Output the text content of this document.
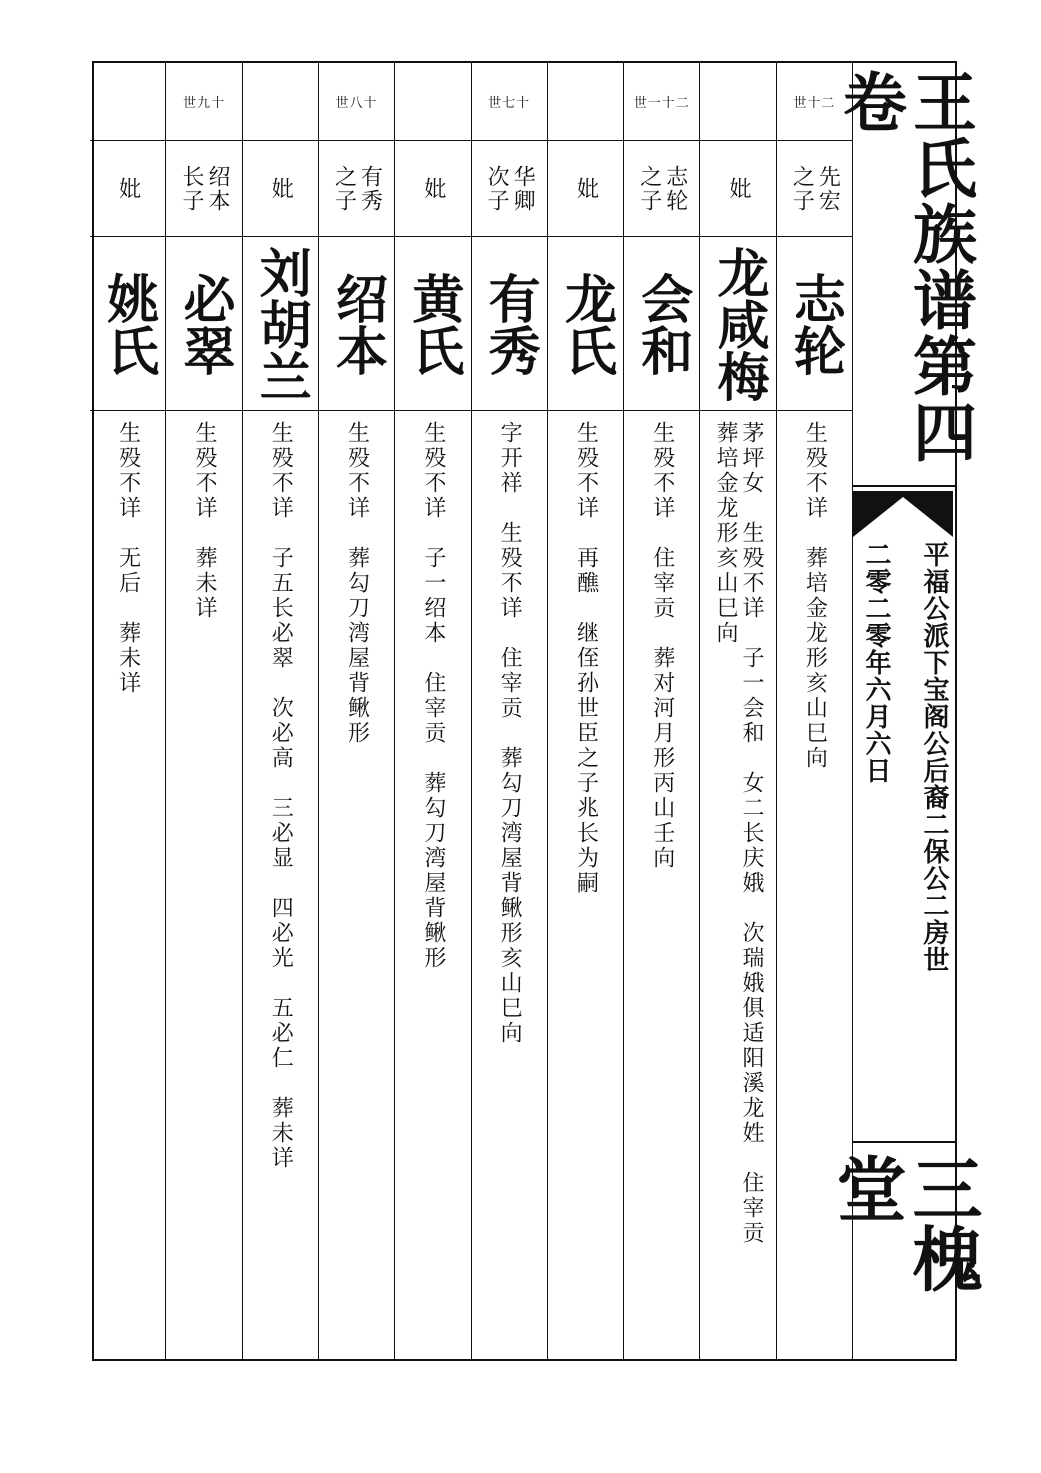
世十二
先宏
之子
志轮
生殁不详　葬培金龙形亥山巳向
妣
龙咸梅
茅坪女　生殁不详　子一会和　女二长庆娥　次瑞娥俱适阳溪龙姓　住宰贡
葬培金龙形亥山巳向
世一十二
志轮
之子
会和
生殁不详　住宰贡　葬对河月形丙山壬向
妣
龙氏
生殁不详　再醮　继侄孙世臣之子兆长为嗣
世七十
华卿
次子
有秀
字开祥　生殁不详　住宰贡　葬勾刀湾屋背鳅形亥山巳向
妣
黄氏
生殁不详　子一绍本　住宰贡　葬勾刀湾屋背鳅形
世八十
有秀
之子
绍本
生殁不详　葬勾刀湾屋背鳅形
妣
刘胡兰
生殁不详　子五长必翠　次必高　三必显　四必光　五必仁　葬未详
世九十
绍本
长子
必翠
生殁不详　葬未详
妣
姚氏
生殁不详　无后　葬未详
王氏族谱第四卷
平福公派下宝阁公后裔二保公二房世
二零二零年六月六日
三槐堂
